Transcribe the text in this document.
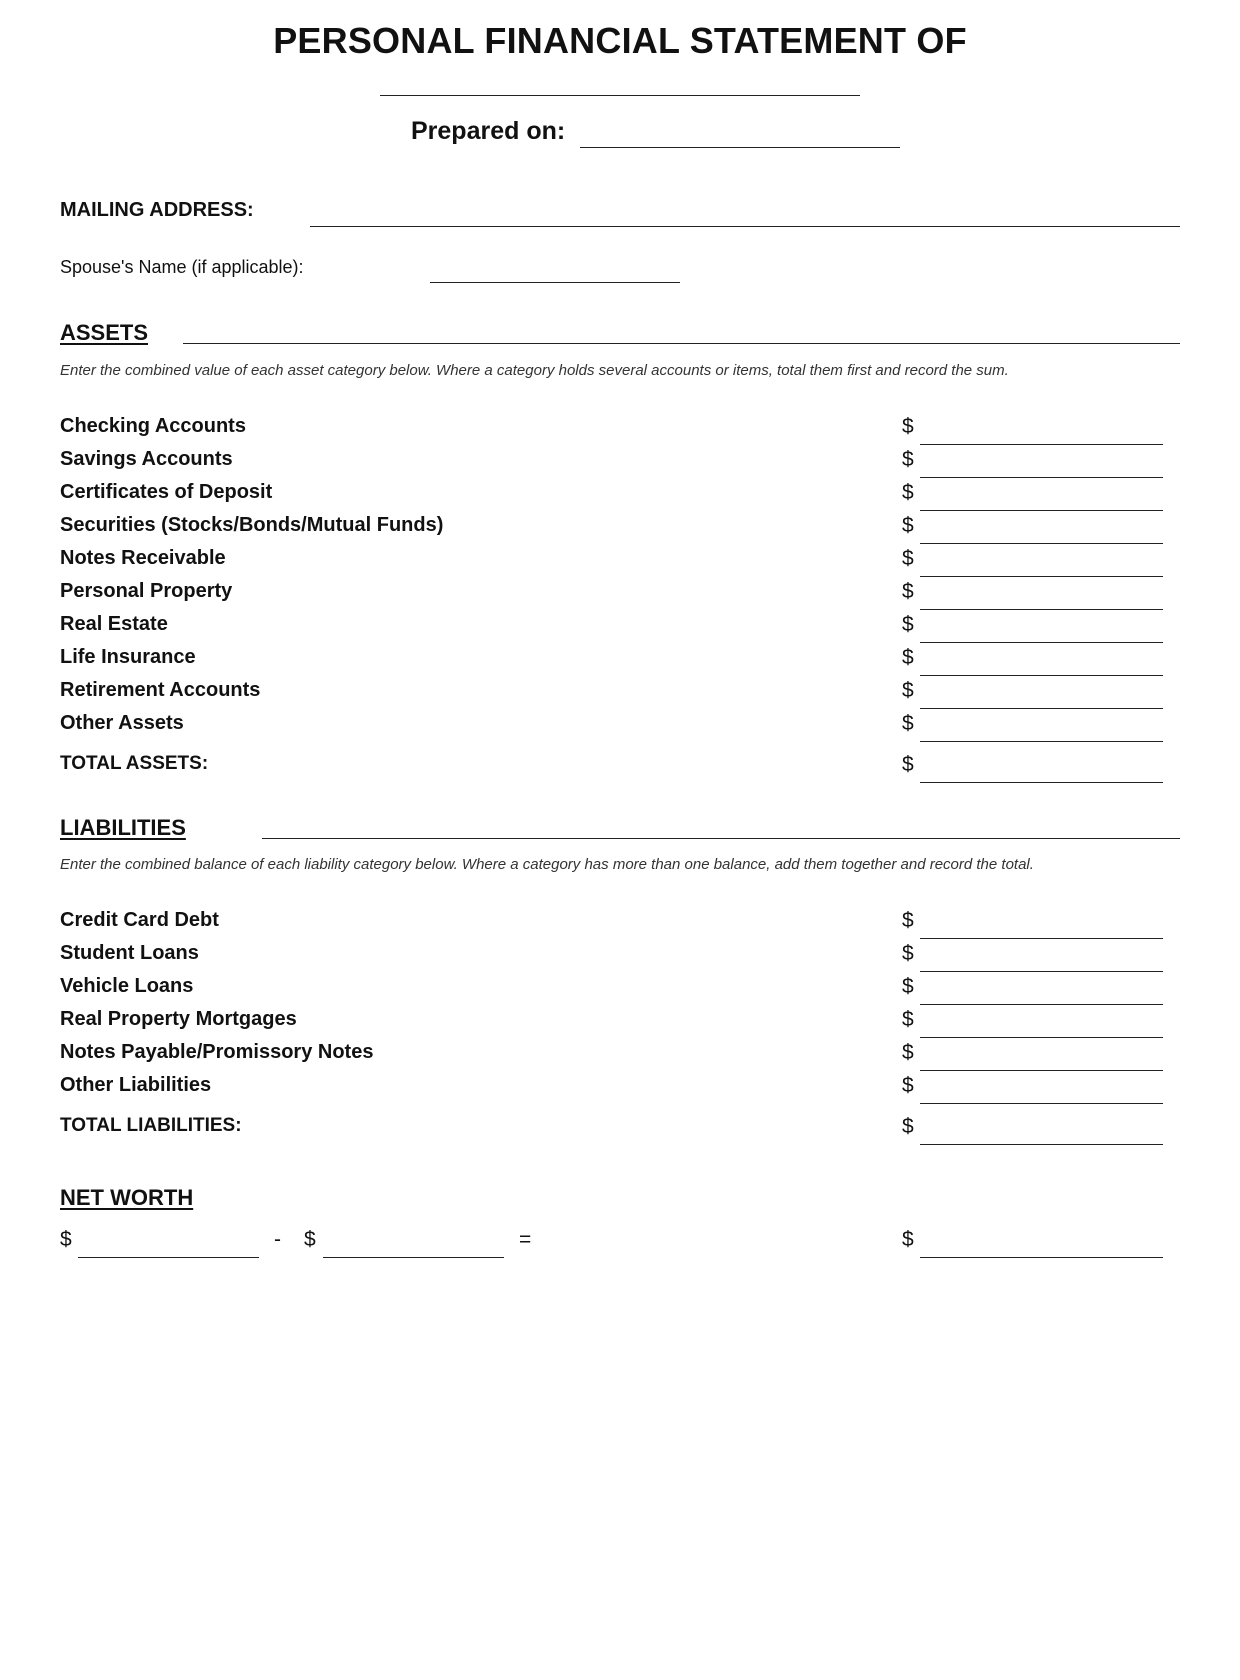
PERSONAL FINANCIAL STATEMENT OF
Prepared on:
MAILING ADDRESS:
Spouse's Name (if applicable):
ASSETS
Enter the combined value of each asset category below. Where a category holds several accounts or items, total them first and record the sum.
Checking Accounts	$
Savings Accounts	$
Certificates of Deposit	$
Securities (Stocks/Bonds/Mutual Funds)	$
Notes Receivable	$
Personal Property	$
Real Estate	$
Life Insurance	$
Retirement Accounts	$
Other Assets	$
TOTAL ASSETS:	$
LIABILITIES
Enter the combined balance of each liability category below. Where a category has more than one balance, add them together and record the total.
Credit Card Debt	$
Student Loans	$
Vehicle Loans	$
Real Property Mortgages	$
Notes Payable/Promissory Notes	$
Other Liabilities	$
TOTAL LIABILITIES:	$
NET WORTH
$	- $	=	$
